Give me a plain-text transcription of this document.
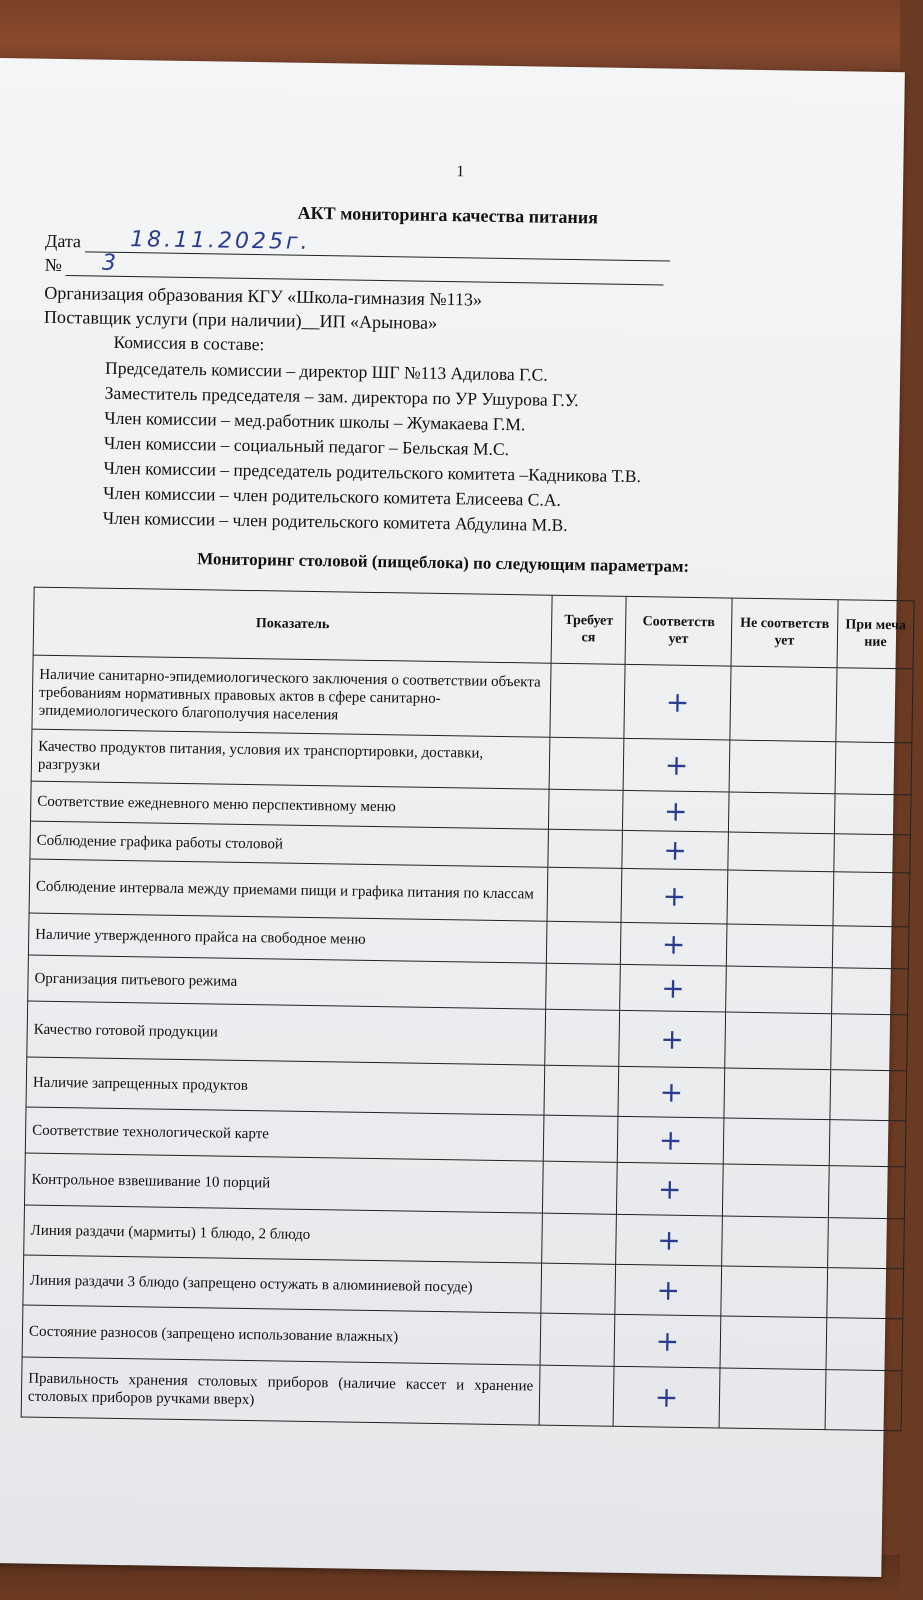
1
АКТ мониторинга качества питания
Дата 18.11.2025г.
№ 3
Организация образования КГУ «Школа-гимназия №113»
Поставщик услуги (при наличии)__ИП «Арынова»
Комиссия в составе:
Председатель комиссии – директор ШГ №113 Адилова Г.С.
Заместитель председателя – зам. директора по УР Ушурова Г.У.
Член комиссии – мед.работник школы – Жумакаева Г.М.
Член комиссии – социальный педагог – Бельская М.С.
Член комиссии – председатель родительского комитета –Кадникова Т.В.
Член комиссии – член родительского комитета Елисеева С.А.
Член комиссии – член родительского комитета Абдулина М.В.
Мониторинг столовой (пищеблока) по следующим параметрам:
Показатель	Требует ся	Соответств ует	Не соответств ует	При меча ние
Наличие санитарно-эпидемиологического заключения о соответствии объекта требованиям нормативных правовых актов в сфере санитарно-эпидемиологического благополучия населения		+		
Качество продуктов питания, условия их транспортировки, доставки, разгрузки		+		
Соответствие ежедневного меню перспективному меню		+		
Соблюдение графика работы столовой		+		
Соблюдение интервала между приемами пищи и графика питания по классам		+		
Наличие утвержденного прайса на свободное меню		+		
Организация питьевого режима		+		
Качество готовой продукции		+		
Наличие запрещенных продуктов		+		
Соответствие технологической карте		+		
Контрольное взвешивание 10 порций		+		
Линия раздачи (мармиты) 1 блюдо, 2 блюдо		+		
Линия раздачи 3 блюдо (запрещено остужать в алюминиевой посуде)		+		
Состояние разносов (запрещено использование влажных)		+		
Правильность хранения столовых приборов (наличие кассет и хранение столовых приборов ручками вверх)		+		
